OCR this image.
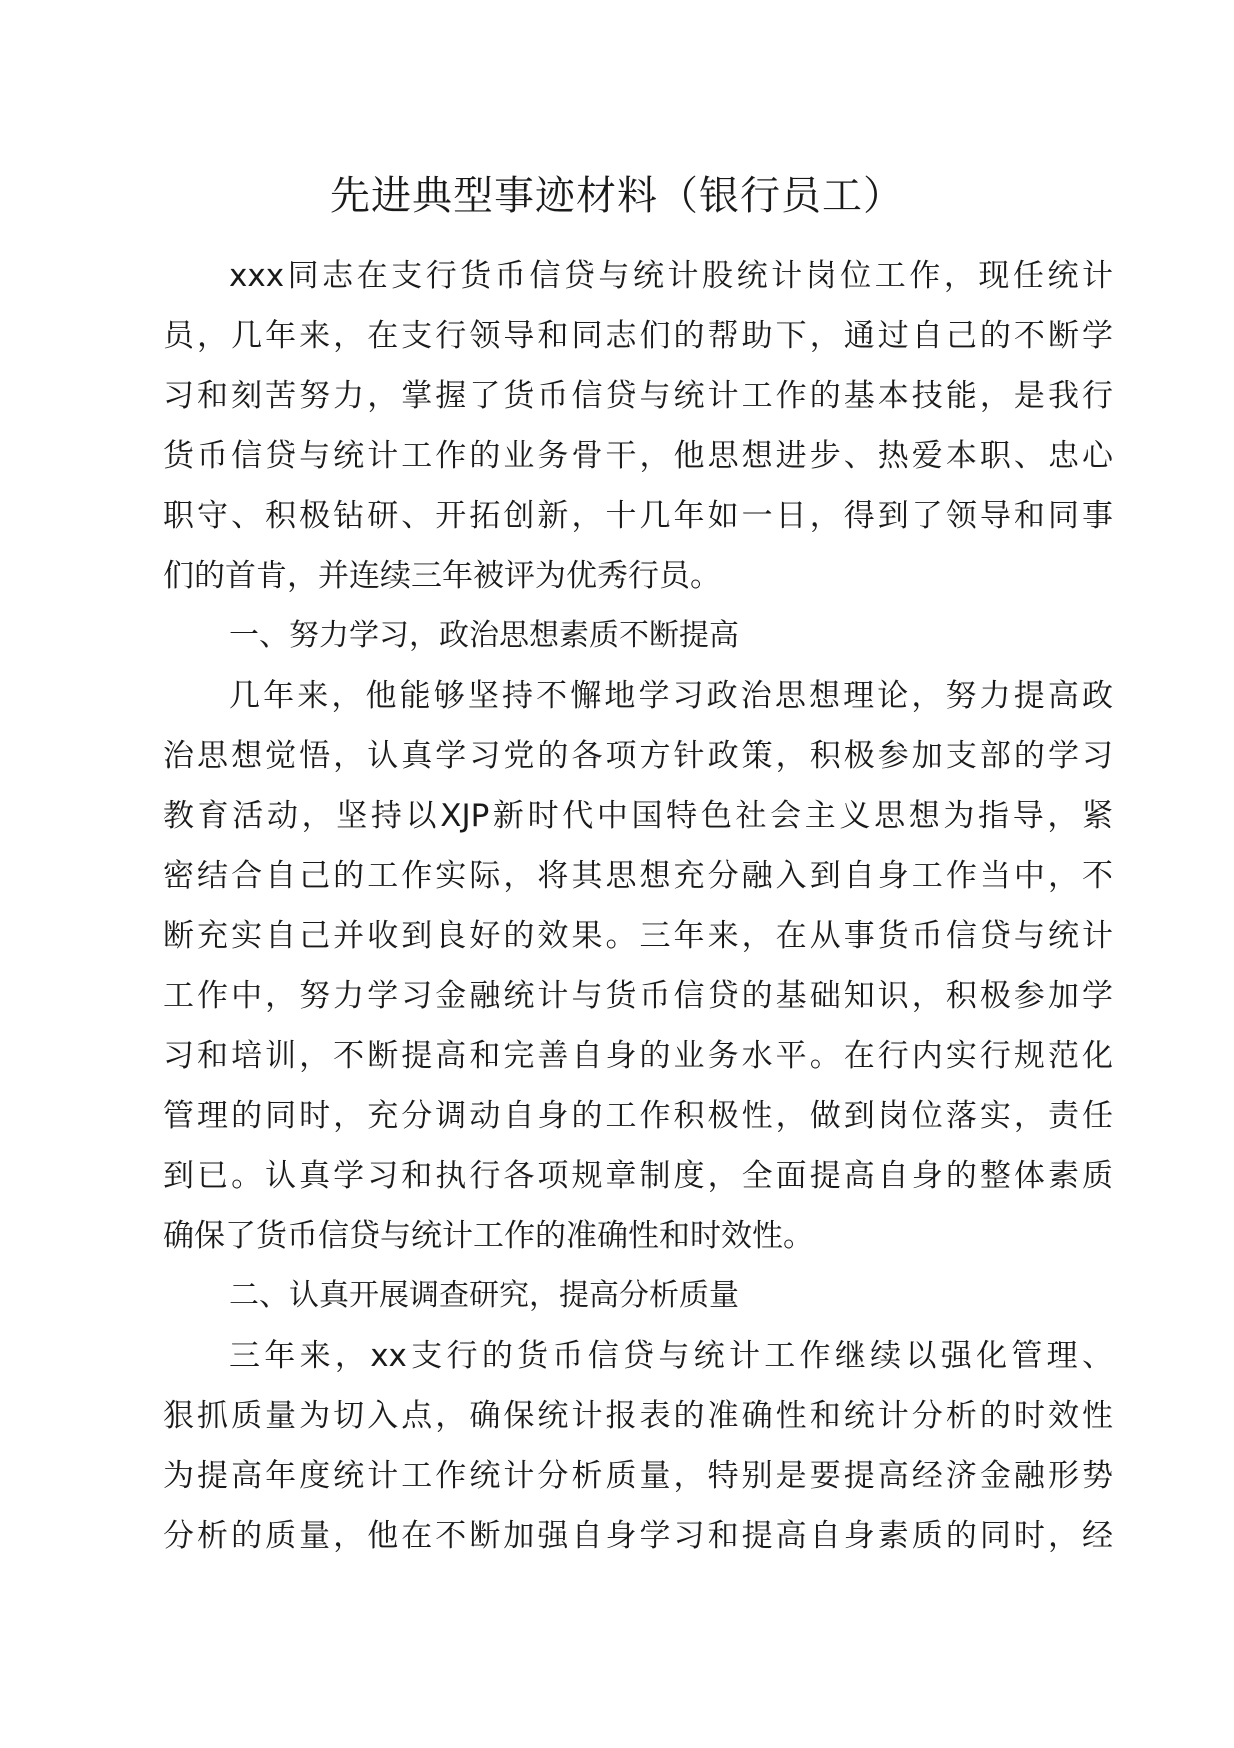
先进典型事迹材料（银行员工）
xxx同志在支行货币信贷与统计股统计岗位工作，现任统计
员，几年来，在支行领导和同志们的帮助下，通过自己的不断学
习和刻苦努力，掌握了货币信贷与统计工作的基本技能，是我行
货币信贷与统计工作的业务骨干，他思想进步、热爱本职、忠心
职守、积极钻研、开拓创新，十几年如一日，得到了领导和同事
们的首肯，并连续三年被评为优秀行员。
一、努力学习，政治思想素质不断提高
几年来，他能够坚持不懈地学习政治思想理论，努力提高政
治思想觉悟，认真学习党的各项方针政策，积极参加支部的学习
教育活动，坚持以XJP新时代中国特色社会主义思想为指导，紧
密结合自己的工作实际，将其思想充分融入到自身工作当中，不
断充实自己并收到良好的效果。三年来，在从事货币信贷与统计
工作中，努力学习金融统计与货币信贷的基础知识，积极参加学
习和培训，不断提高和完善自身的业务水平。在行内实行规范化
管理的同时，充分调动自身的工作积极性，做到岗位落实，责任
到已。认真学习和执行各项规章制度，全面提高自身的整体素质
确保了货币信贷与统计工作的准确性和时效性。
二、认真开展调查研究，提高分析质量
三年来，xx支行的货币信贷与统计工作继续以强化管理、
狠抓质量为切入点，确保统计报表的准确性和统计分析的时效性
为提高年度统计工作统计分析质量，特别是要提高经济金融形势
分析的质量，他在不断加强自身学习和提高自身素质的同时，经
